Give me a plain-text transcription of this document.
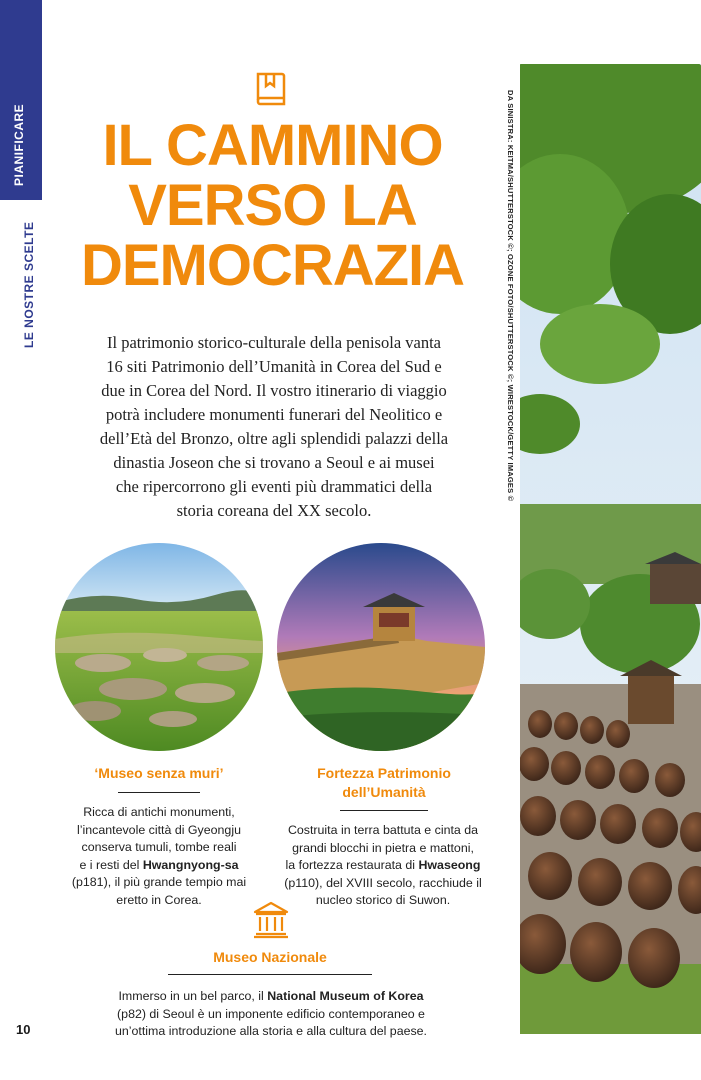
PIANIFICARE
LE NOSTRE SCELTE
IL CAMMINO
VERSO LA
DEMOCRAZIA
Il patrimonio storico-culturale della penisola vanta
16 siti Patrimonio dell’Umanità in Corea del Sud e
due in Corea del Nord. Il vostro itinerario di viaggio
potrà includere monumenti funerari del Neolitico e
dell’Età del Bronzo, oltre agli splendidi palazzi della
dinastia Joseon che si trovano a Seoul e ai musei
che ripercorrono gli eventi più drammatici della
storia coreana del XX secolo.
‘Museo senza muri’
Ricca di antichi monumenti,
l’incantevole città di Gyeongju
conserva tumuli, tombe reali
e i resti del Hwangnyong-sa
(p181), il più grande tempio mai
eretto in Corea.
Fortezza Patrimonio
dell’Umanità
Costruita in terra battuta e cinta da
grandi blocchi in pietra e mattoni,
la fortezza restaurata di Hwaseong
(p110), del XVIII secolo, racchiude il
nucleo storico di Suwon.
Museo Nazionale
Immerso in un bel parco, il National Museum of Korea
(p82) di Seoul è un imponente edificio contemporaneo e
un’ottima introduzione alla storia e alla cultura del paese.
10
DA SINISTRA: KEITMA/SHUTTERSTOCK ©; OZONE FOTO/SHUTTERSTOCK ©; WIRESTOCK/GETTY IMAGES ©
